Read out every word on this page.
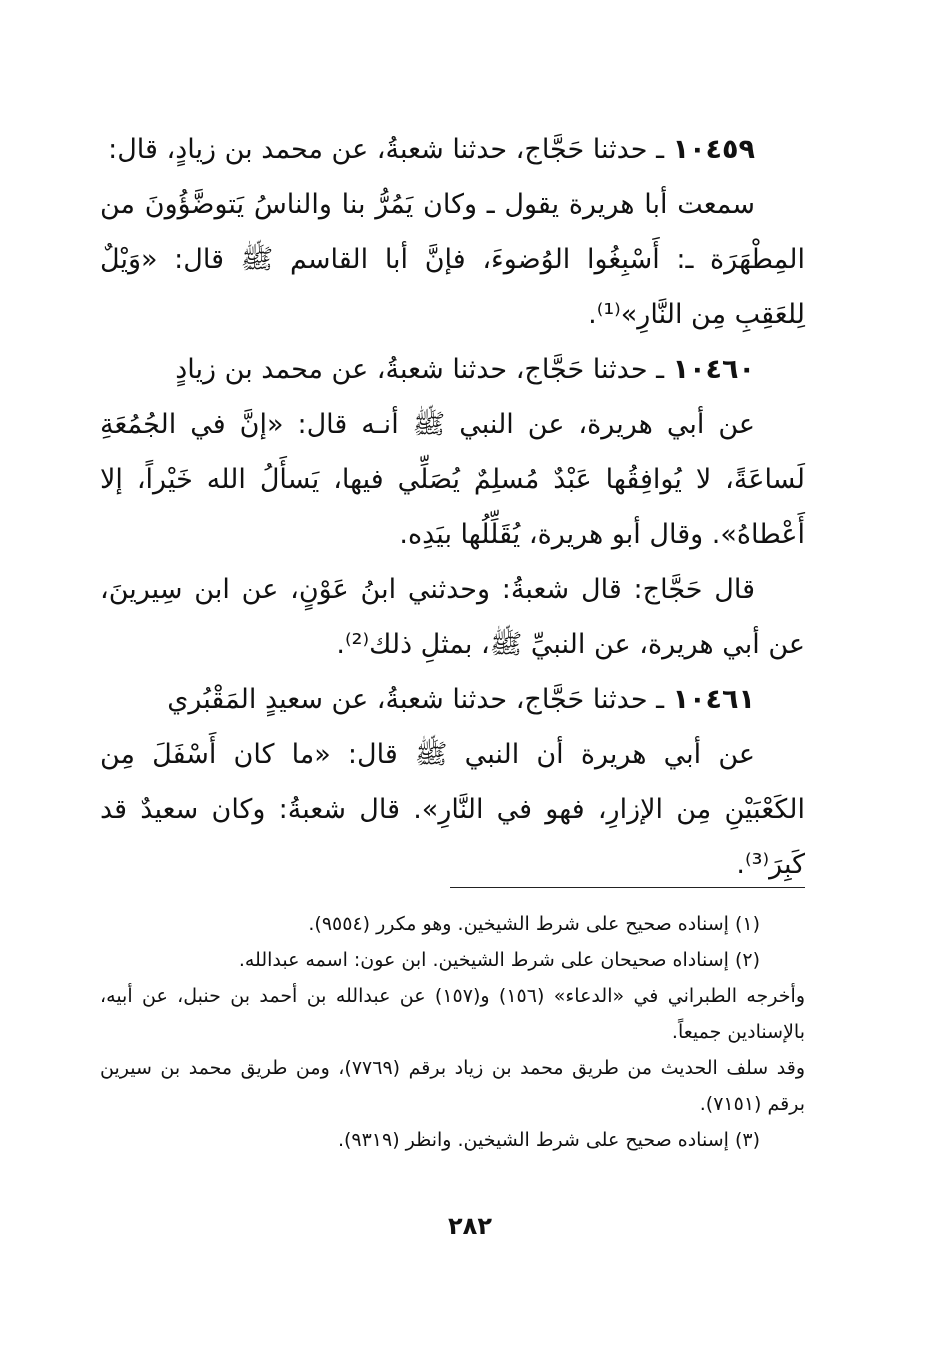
١٠٤٥٩ ـ حدثنا حَجَّاج، حدثنا شعبةُ، عن محمد بن زيادٍ، قال:

سمعت أبا هريرة يقول ـ وكان يَمُرُّ بنا والناسُ يَتوضَّؤُونَ من المِطْهَرَة ـ: أَسْبِغُوا الوُضوءَ، فإنَّ أبا القاسم ﷺ قال: «وَيْلٌ لِلعَقِبِ مِن النَّارِ»⁽¹⁾.

١٠٤٦٠ ـ حدثنا حَجَّاج، حدثنا شعبةُ، عن محمد بن زيادٍ

عن أبي هريرة، عن النبي ﷺ أنـه قال: «إنَّ في الجُمُعَةِ لَساعَةً، لا يُوافِقُها عَبْدٌ مُسلِمٌ يُصَلِّي فيها، يَسأَلُ الله خَيْراً، إلا أَعْطاهُ». وقال أبو هريرة، يُقَلِّلُها بيَدِه.

قال حَجَّاج: قال شعبةُ: وحدثني ابنُ عَوْنٍ، عن ابن سِيرينَ، عن أبي هريرة، عن النبيِّ ﷺ، بمثلِ ذلك⁽²⁾.

١٠٤٦١ ـ حدثنا حَجَّاج، حدثنا شعبةُ، عن سعيدٍ المَقْبُري

عن أبي هريرة أن النبي ﷺ قال: «ما كان أَسْفَلَ مِن الكَعْبَيْنِ مِن الإزارِ، فهو في النَّارِ». قال شعبةُ: وكان سعيدٌ قد كَبِرَ⁽³⁾.

(١) إسناده صحيح على شرط الشيخين. وهو مكرر (٩٥٥٤).

(٢) إسناداه صحيحان على شرط الشيخين. ابن عون: اسمه عبدالله.

وأخرجه الطبراني في «الدعاء» (١٥٦) و(١٥٧) عن عبدالله بن أحمد بن حنبل، عن أبيه، بالإسنادين جميعاً.

وقد سلف الحديث من طريق محمد بن زياد برقم (٧٧٦٩)، ومن طريق محمد بن سيرين برقم (٧١٥١).

(٣) إسناده صحيح على شرط الشيخين. وانظر (٩٣١٩).

٢٨٢
